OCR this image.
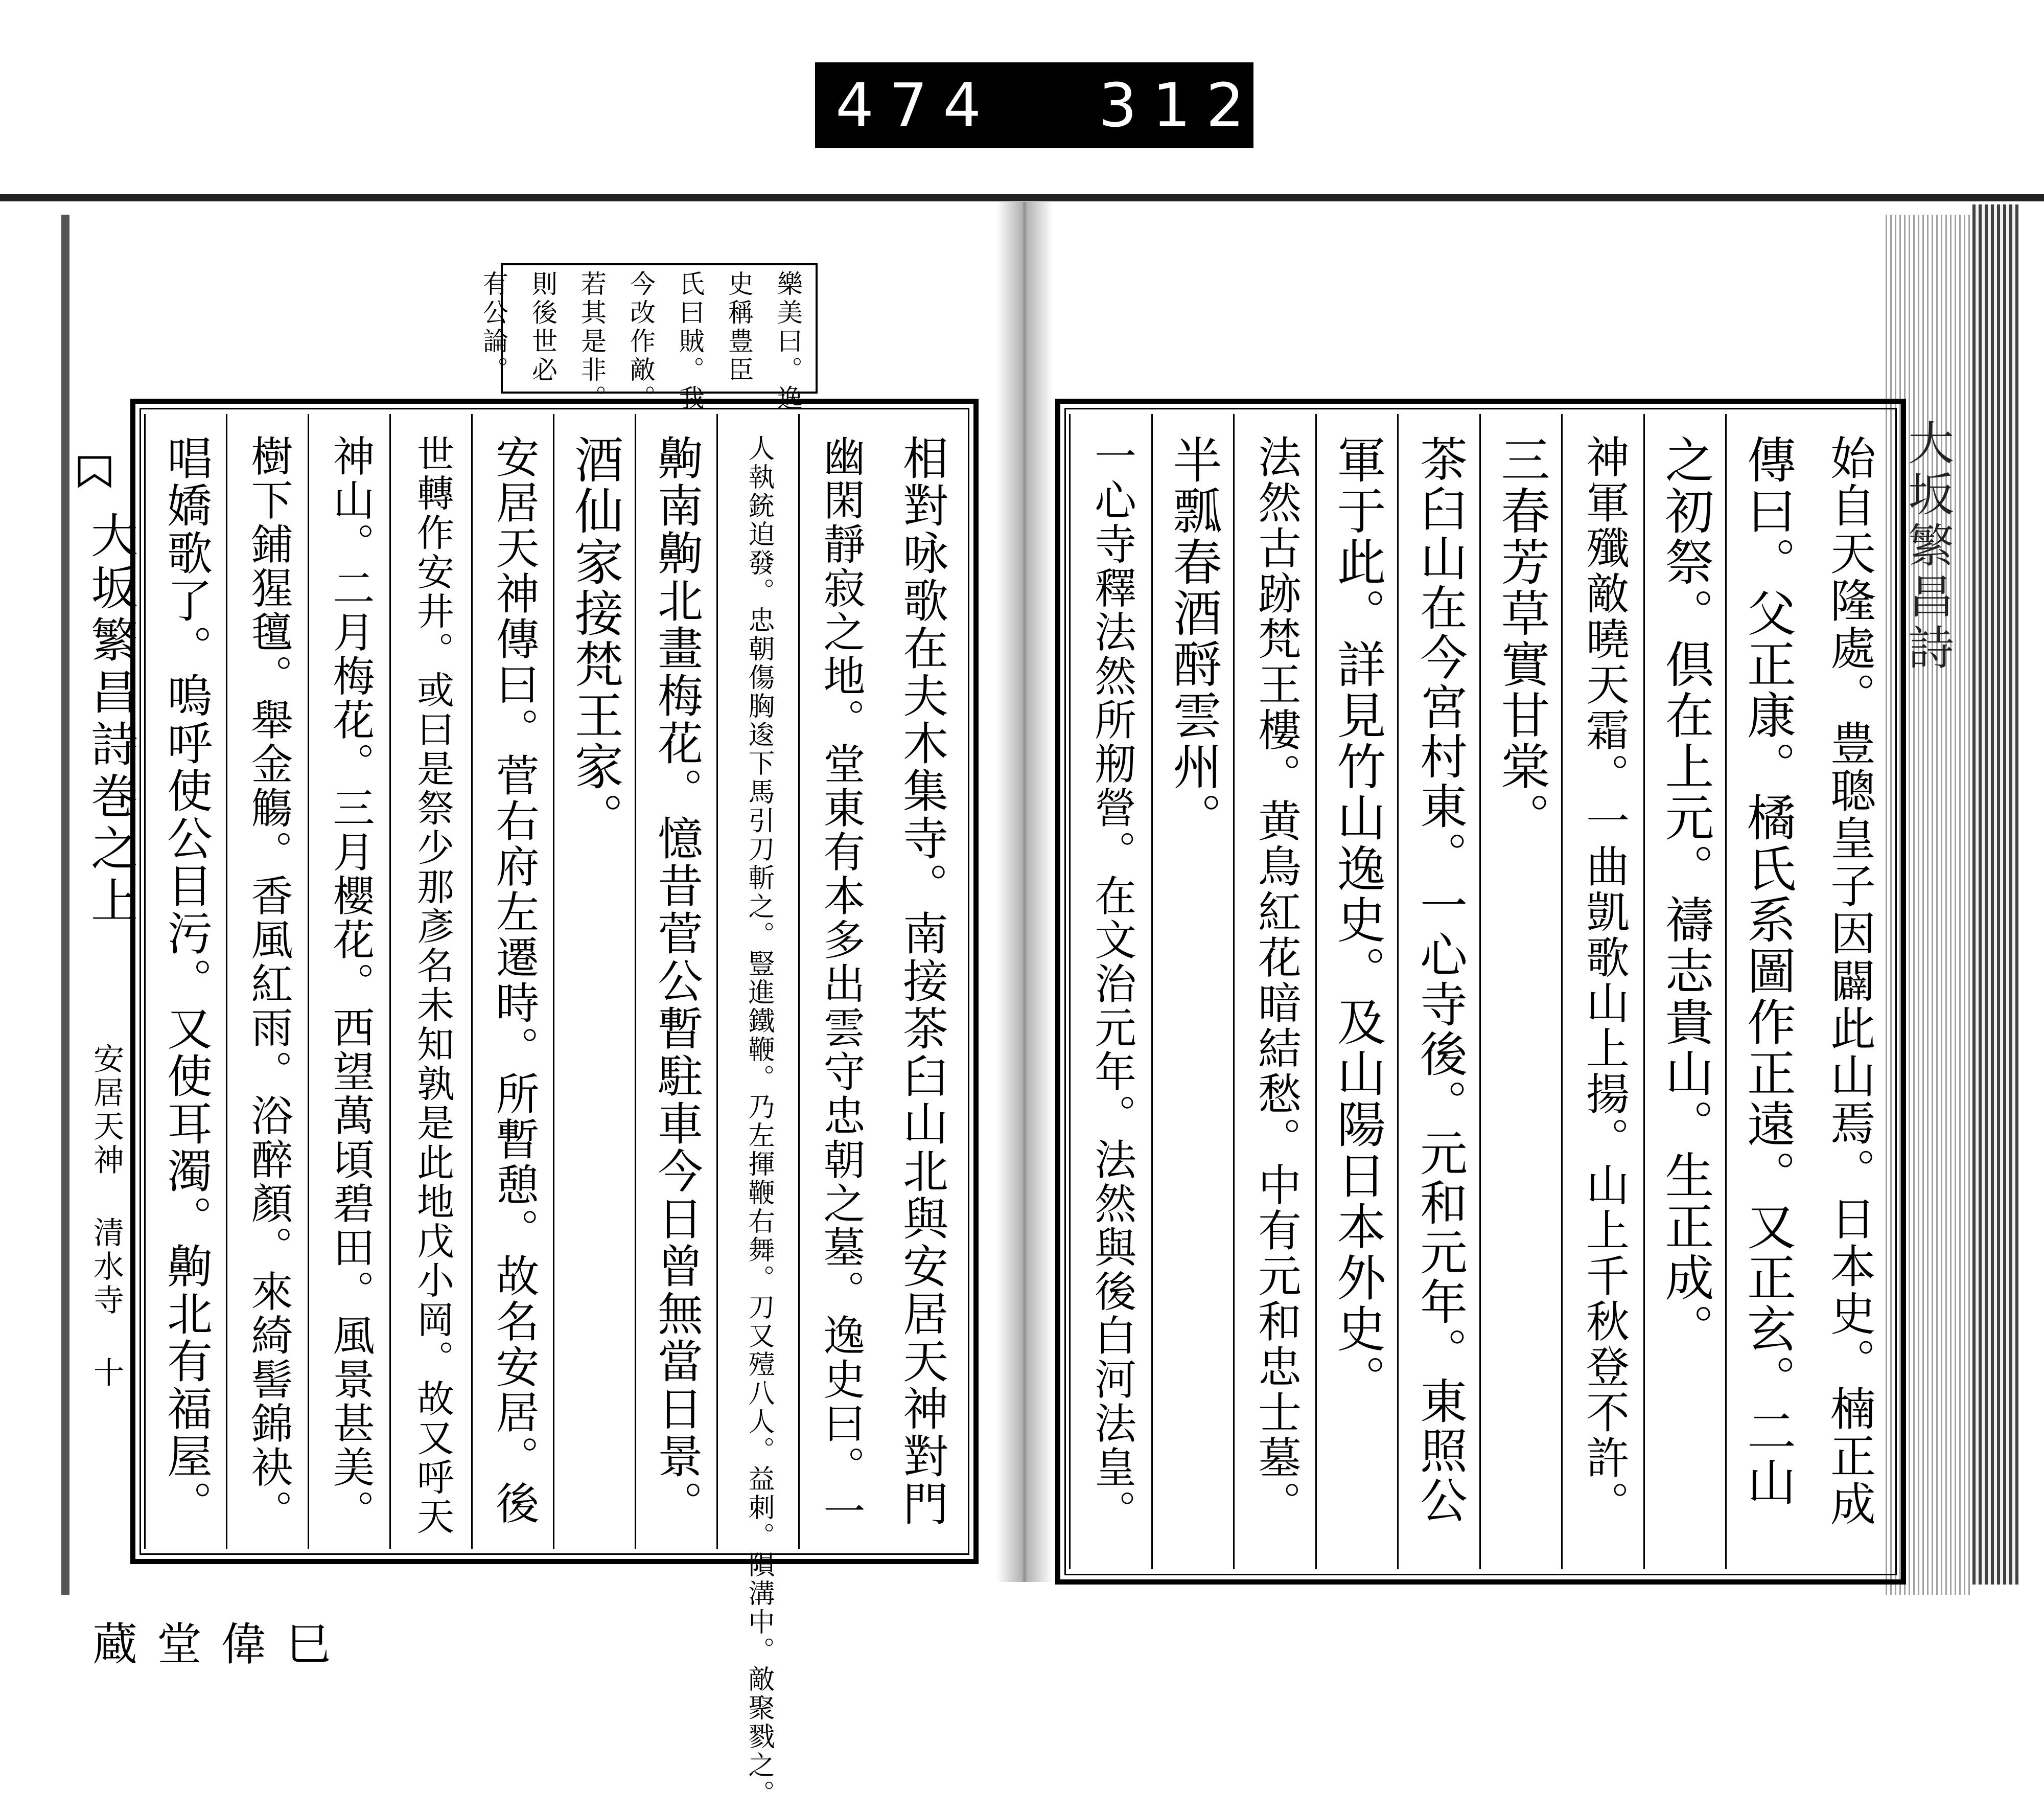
474 312.
樂美曰。逸
史稱豊臣
氏曰賊。我
今改作敵。
若其是非。
則後世必
有公論。
大坂繁昌詩巻之上
安居天神 清水寺 十
巳偉堂蔵
相對咏歌在夫木集寺。南接茶臼山北與安居天神對門
幽閑靜寂之地。堂東有本多出雲守忠朝之墓。逸史曰。一
人執銃迫發。忠朝傷胸逡下馬引刀斬之。豎進鐵鞭。乃左揮鞭右舞。刀又殪八人。益刺。隕溝中。敵聚戮之。
齁南齁北畫梅花。憶昔菅公暫駐車今日曾無當日景。
酒仙家接梵王家。
安居天神傳曰。菅右府左遷時。所暫憩。故名安居。後
世轉作安井。或曰是祭少那彥名未知孰是此地戊小岡。故又呼天
神山。二月梅花。三月櫻花。西望萬頃碧田。風景甚美。
樹下鋪猩氊。舉金觴。香風紅雨。浴醉顏。來綺髻錦袂。
唱嬌歌了。嗚呼使公目污。又使耳濁。齁北有福屋。	始自天隆處。豊聰皇子因闢此山焉。日本史。楠正成
傳曰。父正康。橘氏系圖作正遠。又正玄。二山
之初祭。倶在上元。禱志貴山。生正成。
神軍殲敵曉天霜。一曲凱歌山上揚。山上千秋登不許。
三春芳草實甘棠。
茶臼山在今宮村東。一心寺後。元和元年。東照公
軍于此。詳見竹山逸史。及山陽日本外史。
法然古跡梵王樓。黄鳥紅花暗結愁。中有元和忠士墓。
半瓢春酒酹雲州。
一心寺釋法然所剏營。在文治元年。法然與後白河法皇。	大坂繁昌詩
